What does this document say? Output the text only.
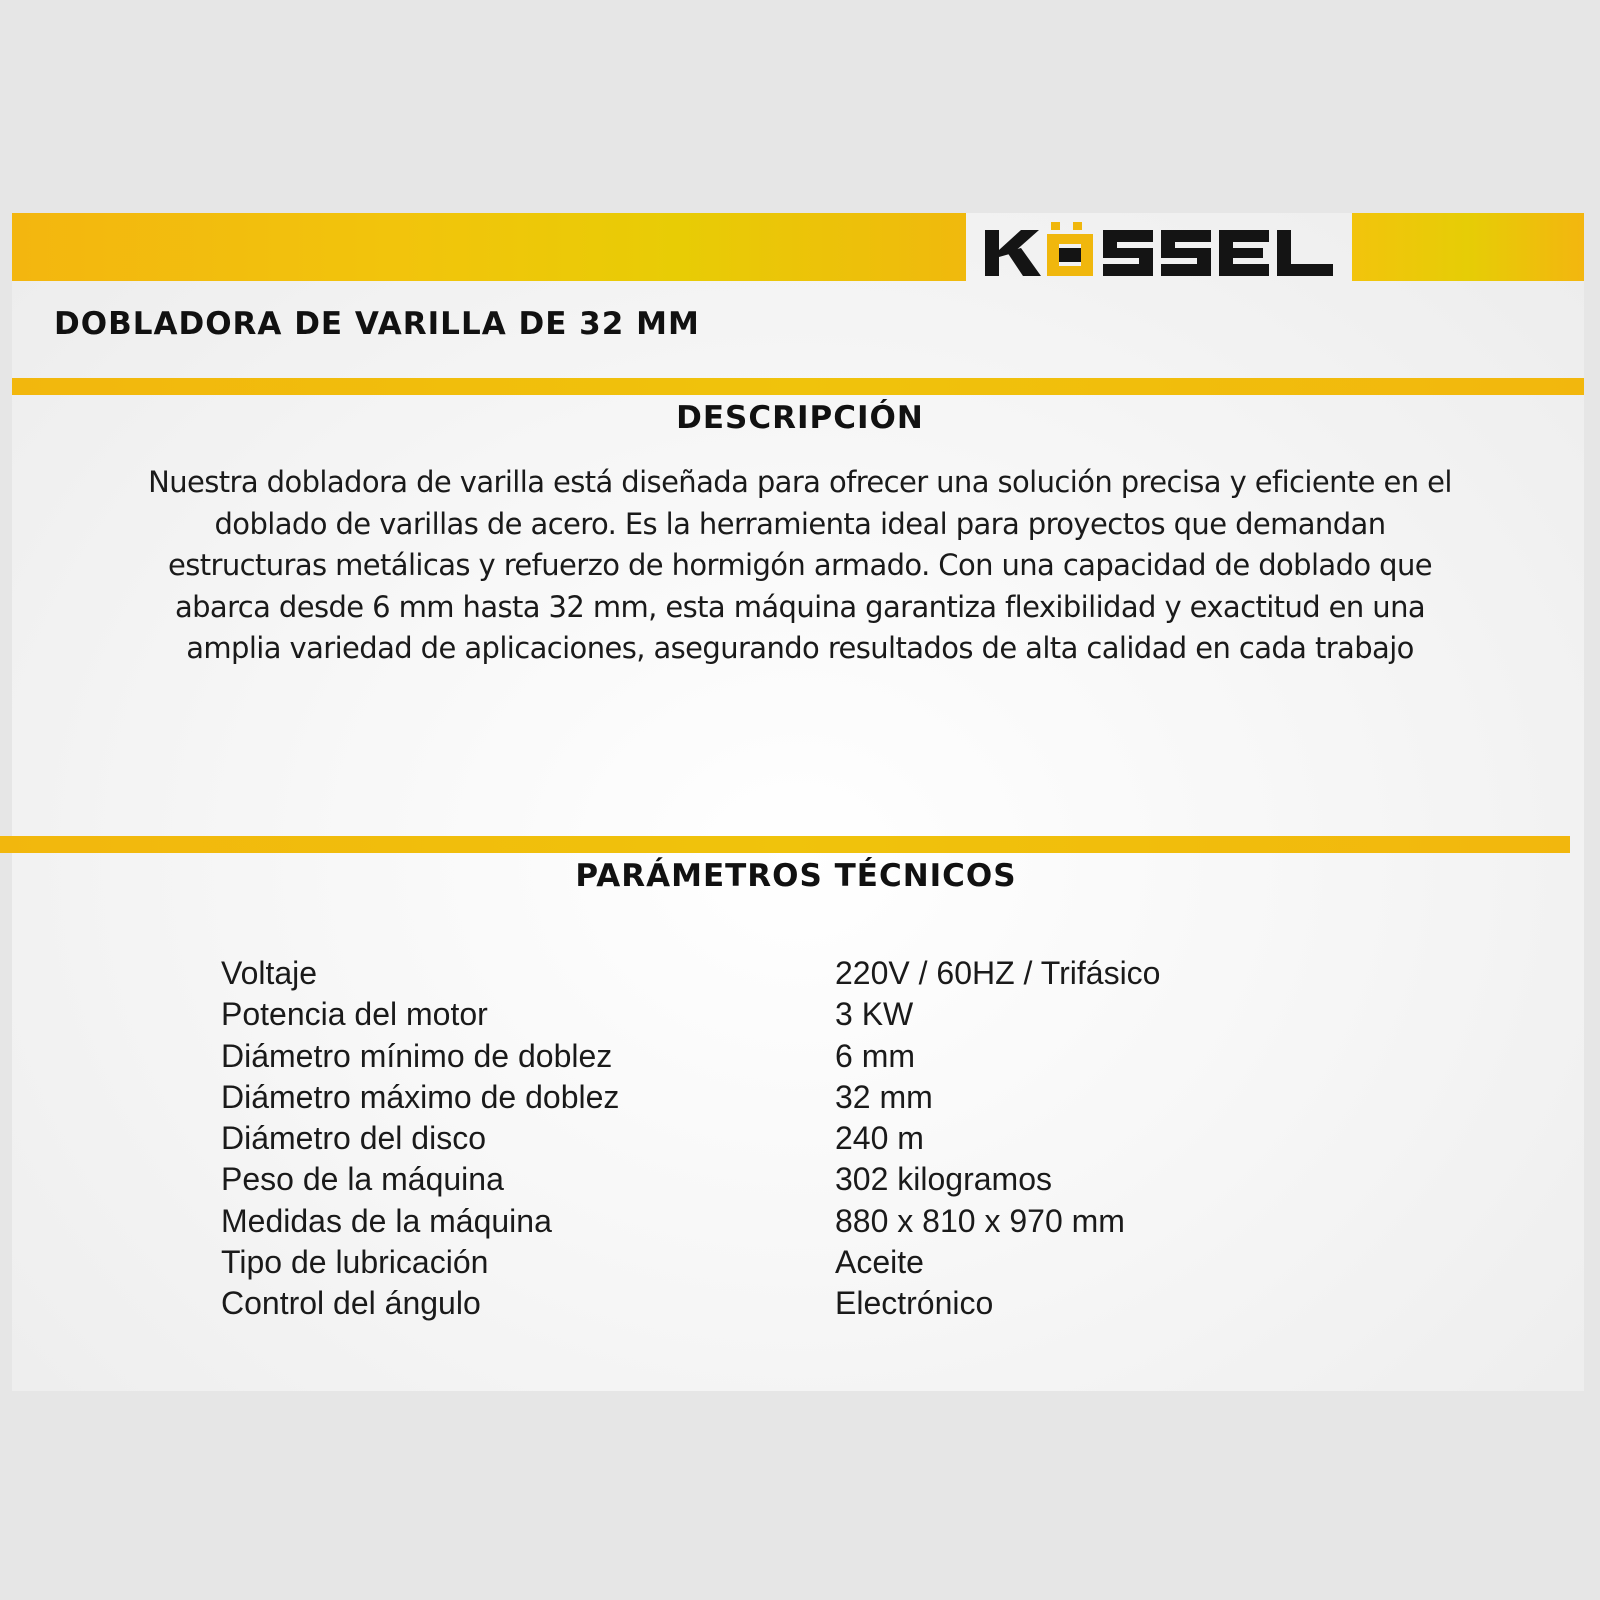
DOBLADORA DE VARILLA DE 32 MM
DESCRIPCIÓN
Nuestra dobladora de varilla está diseñada para ofrecer una solución precisa y eficiente en el
doblado de varillas de acero. Es la herramienta ideal para proyectos que demandan
estructuras metálicas y refuerzo de hormigón armado. Con una capacidad de doblado que
abarca desde 6 mm hasta 32 mm, esta máquina garantiza flexibilidad y exactitud en una
amplia variedad de aplicaciones, asegurando resultados de alta calidad en cada trabajo
PARÁMETROS TÉCNICOS
Voltaje	220V / 60HZ / Trifásico
Potencia del motor	3 KW
Diámetro mínimo de doblez	6 mm
Diámetro máximo de doblez	32 mm
Diámetro del disco	240 m
Peso de la máquina	302 kilogramos
Medidas de la máquina	880 x 810 x 970 mm
Tipo de lubricación	Aceite
Control del ángulo	Electrónico
